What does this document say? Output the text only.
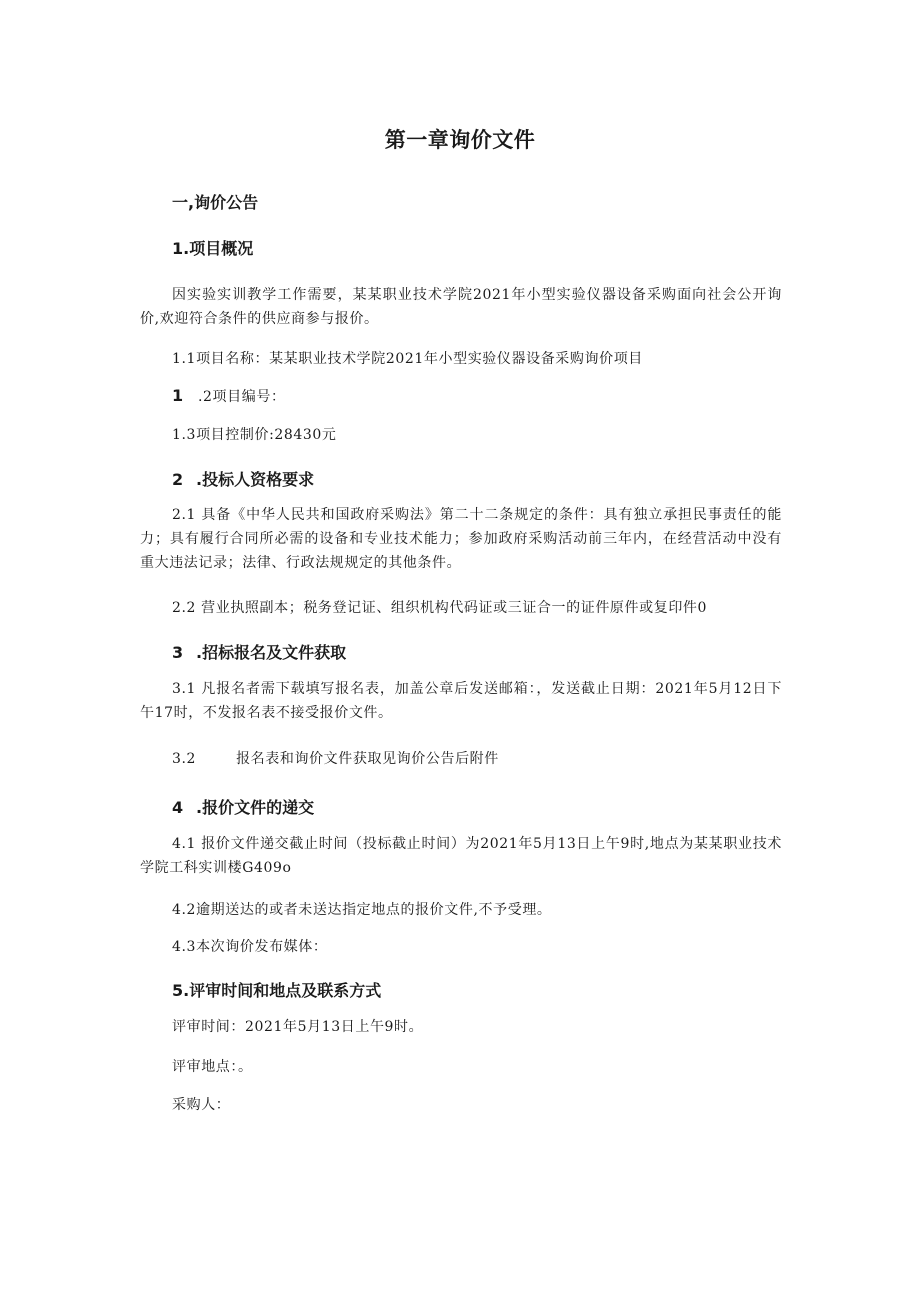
第一章询价文件
一,询价公告
1.项目概况
因实验实训教学工作需要，某某职业技术学院2021年小型实验仪器设备采购面向社会公开询价,欢迎符合条件的供应商参与报价。
1.1项目名称：某某职业技术学院2021年小型实验仪器设备采购询价项目
1 .2项目编号：
1.3项目控制价:28430元
2 .投标人资格要求
2.1 具备《中华人民共和国政府采购法》第二十二条规定的条件：具有独立承担民事责任的能力；具有履行合同所必需的设备和专业技术能力；参加政府采购活动前三年内，在经营活动中没有重大违法记录；法律、行政法规规定的其他条件。
2.2 营业执照副本；税务登记证、组织机构代码证或三证合一的证件原件或复印件0
3 .招标报名及文件获取
3.1 凡报名者需下载填写报名表，加盖公章后发送邮箱：，发送截止日期：2021年5月12日下午17时，不发报名表不接受报价文件。
3.2	报名表和询价文件获取见询价公告后附件
4 .报价文件的递交
4.1 报价文件递交截止时间（投标截止时间）为2021年5月13日上午9时,地点为某某职业技术学院工科实训楼G409o
4.2逾期送达的或者未送达指定地点的报价文件,不予受理。
4.3本次询价发布媒体：
5.评审时间和地点及联系方式
评审时间：2021年5月13日上午9时。
评审地点：。
采购人：
